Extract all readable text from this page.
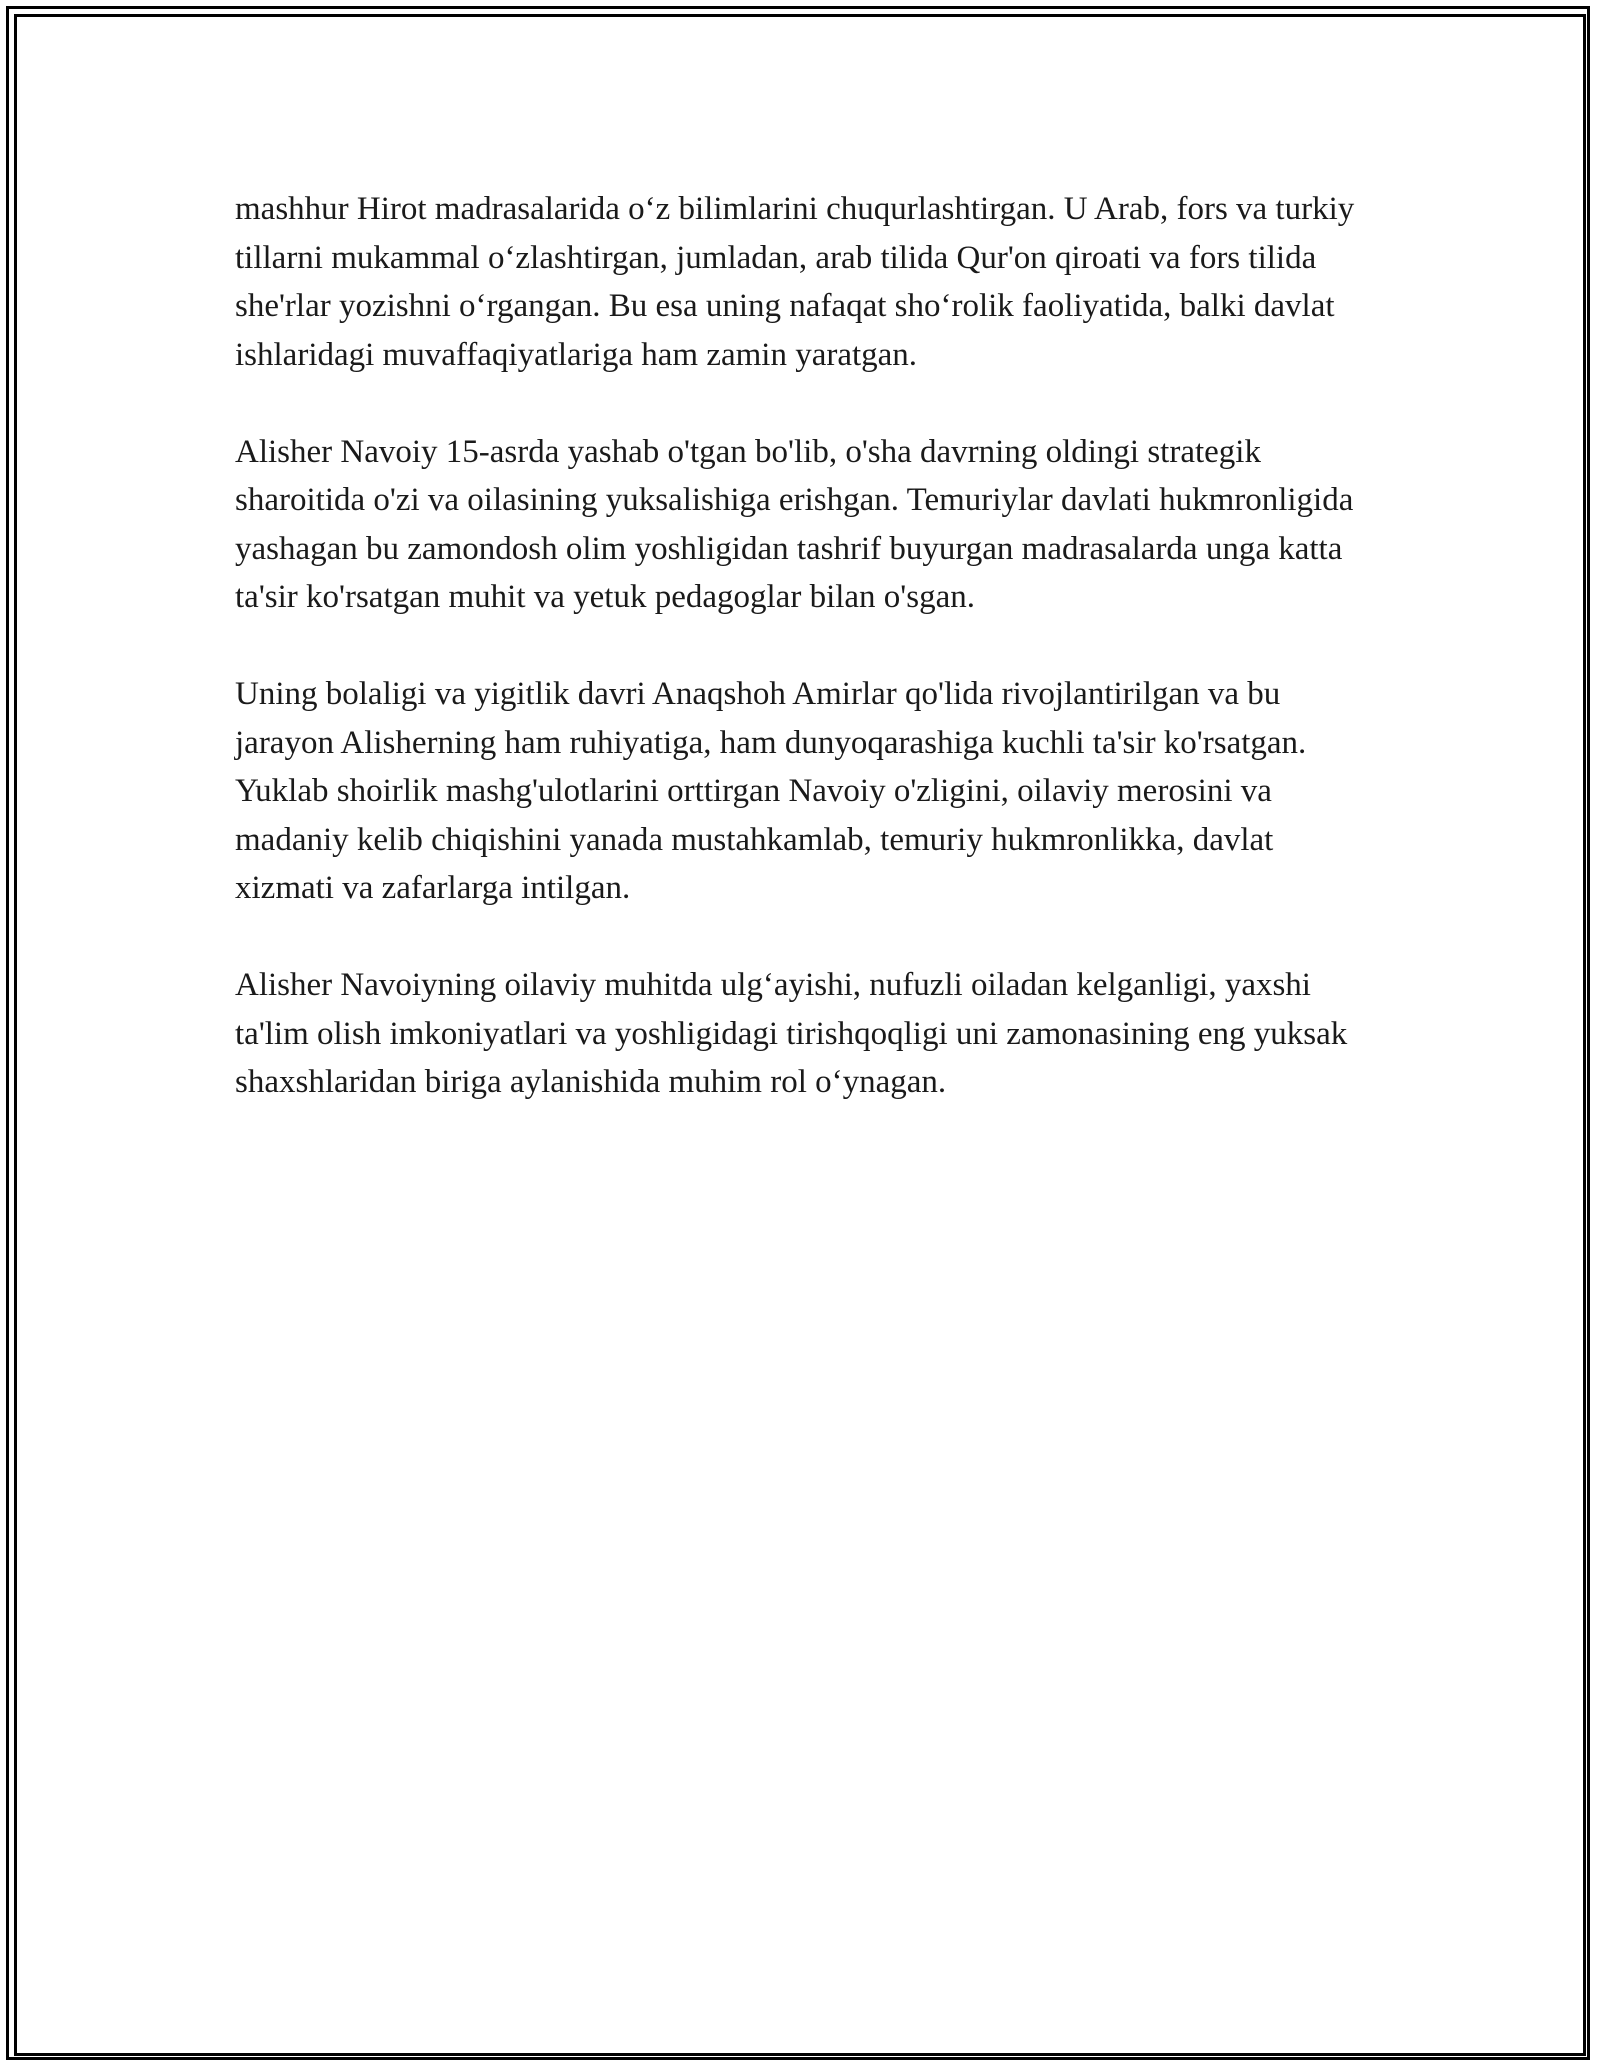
mashhur Hirot madrasalarida o‘z bilimlarini chuqurlashtirgan. U Arab, fors va turkiy tillarni mukammal o‘zlashtirgan, jumladan, arab tilida Qur'on qiroati va fors tilida she'rlar yozishni o‘rgangan. Bu esa uning nafaqat sho‘rolik faoliyatida, balki davlat ishlaridagi muvaffaqiyatlariga ham zamin yaratgan.

Alisher Navoiy 15-asrda yashab o'tgan bo'lib, o'sha davrning oldingi strategik sharoitida o'zi va oilasining yuksalishiga erishgan. Temuriylar davlati hukmronligida yashagan bu zamondosh olim yoshligidan tashrif buyurgan madrasalarda unga katta ta'sir ko'rsatgan muhit va yetuk pedagoglar bilan o'sgan.

Uning bolaligi va yigitlik davri Anaqshoh Amirlar qo'lida rivojlantirilgan va bu jarayon Alisherning ham ruhiyatiga, ham dunyoqarashiga kuchli ta'sir ko'rsatgan. Yuklab shoirlik mashg'ulotlarini orttirgan Navoiy o'zligini, oilaviy merosini va madaniy kelib chiqishini yanada mustahkamlab, temuriy hukmronlikka, davlat xizmati va zafarlarga intilgan.

Alisher Navoiyning oilaviy muhitda ulg‘ayishi, nufuzli oiladan kelganligi, yaxshi ta'lim olish imkoniyatlari va yoshligidagi tirishqoqligi uni zamonasining eng yuksak shaxshlaridan biriga aylanishida muhim rol o‘ynagan.
